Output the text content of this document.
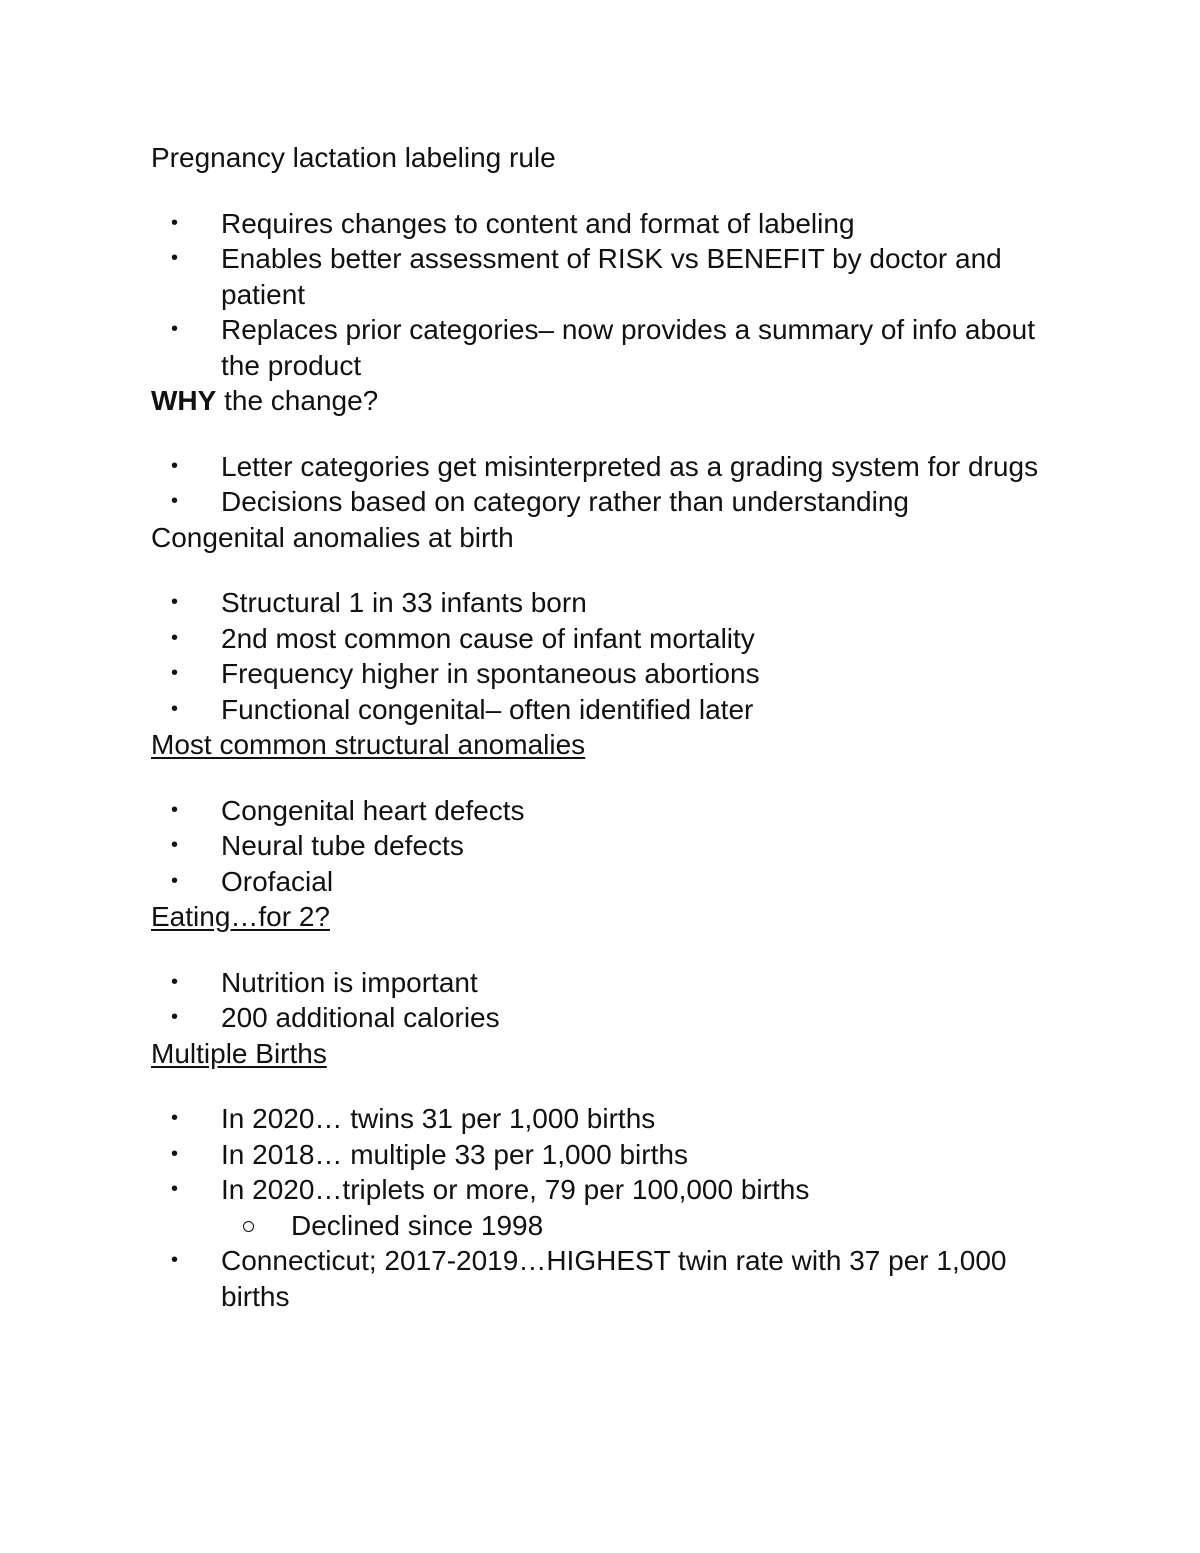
Pregnancy lactation labeling rule

• Requires changes to content and format of labeling
• Enables better assessment of RISK vs BENEFIT by doctor and patient
• Replaces prior categories– now provides a summary of info about the product

WHY the change?

• Letter categories get misinterpreted as a grading system for drugs
• Decisions based on category rather than understanding

Congenital anomalies at birth

• Structural 1 in 33 infants born
• 2nd most common cause of infant mortality
• Frequency higher in spontaneous abortions
• Functional congenital– often identified later

Most common structural anomalies

• Congenital heart defects
• Neural tube defects
• Orofacial

Eating…for 2?

• Nutrition is important
• 200 additional calories

Multiple Births

• In 2020… twins 31 per 1,000 births
• In 2018… multiple 33 per 1,000 births
• In 2020…triplets or more, 79 per 100,000 births
Declined since 1998
• Connecticut; 2017-2019…HIGHEST twin rate with 37 per 1,000 births
